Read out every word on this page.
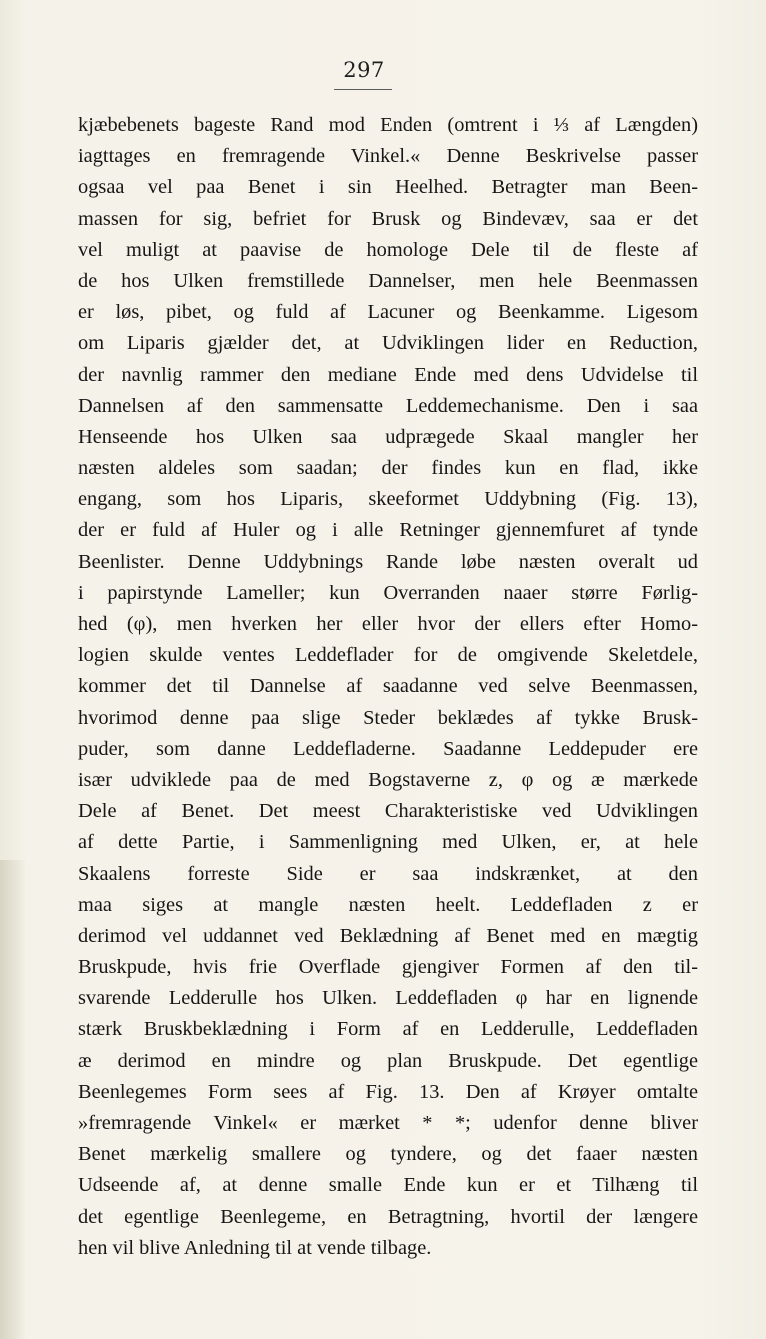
297
kjæbebenets bageste Rand mod Enden (omtrent i ⅓ af Længden)
iagttages en fremragende Vinkel.« Denne Beskrivelse passer
ogsaa vel paa Benet i sin Heelhed. Betragter man Been-
massen for sig, befriet for Brusk og Bindevæv, saa er det
vel muligt at paavise de homologe Dele til de fleste af
de hos Ulken fremstillede Dannelser, men hele Beenmassen
er løs, pibet, og fuld af Lacuner og Beenkamme. Ligesom
om Liparis gjælder det, at Udviklingen lider en Reduction,
der navnlig rammer den mediane Ende med dens Udvidelse til
Dannelsen af den sammensatte Leddemechanisme. Den i saa
Henseende hos Ulken saa udprægede Skaal mangler her
næsten aldeles som saadan; der findes kun en flad, ikke
engang, som hos Liparis, skeeformet Uddybning (Fig. 13),
der er fuld af Huler og i alle Retninger gjennemfuret af tynde
Beenlister. Denne Uddybnings Rande løbe næsten overalt ud
i papirstynde Lameller; kun Overranden naaer større Førlig-
hed (φ), men hverken her eller hvor der ellers efter Homo-
logien skulde ventes Leddeflader for de omgivende Skeletdele,
kommer det til Dannelse af saadanne ved selve Beenmassen,
hvorimod denne paa slige Steder beklædes af tykke Brusk-
puder, som danne Leddefladerne. Saadanne Leddepuder ere
især udviklede paa de med Bogstaverne z, φ og æ mærkede
Dele af Benet. Det meest Charakteristiske ved Udviklingen
af dette Partie, i Sammenligning med Ulken, er, at hele
Skaalens forreste Side er saa indskrænket, at den
maa siges at mangle næsten heelt. Leddefladen z er
derimod vel uddannet ved Beklædning af Benet med en mægtig
Bruskpude, hvis frie Overflade gjengiver Formen af den til-
svarende Ledderulle hos Ulken. Leddefladen φ har en lignende
stærk Bruskbeklædning i Form af en Ledderulle, Leddefladen
æ derimod en mindre og plan Bruskpude. Det egentlige
Beenlegemes Form sees af Fig. 13. Den af Krøyer omtalte
»fremragende Vinkel« er mærket * *; udenfor denne bliver
Benet mærkelig smallere og tyndere, og det faaer næsten
Udseende af, at denne smalle Ende kun er et Tilhæng til
det egentlige Beenlegeme, en Betragtning, hvortil der længere
hen vil blive Anledning til at vende tilbage.
